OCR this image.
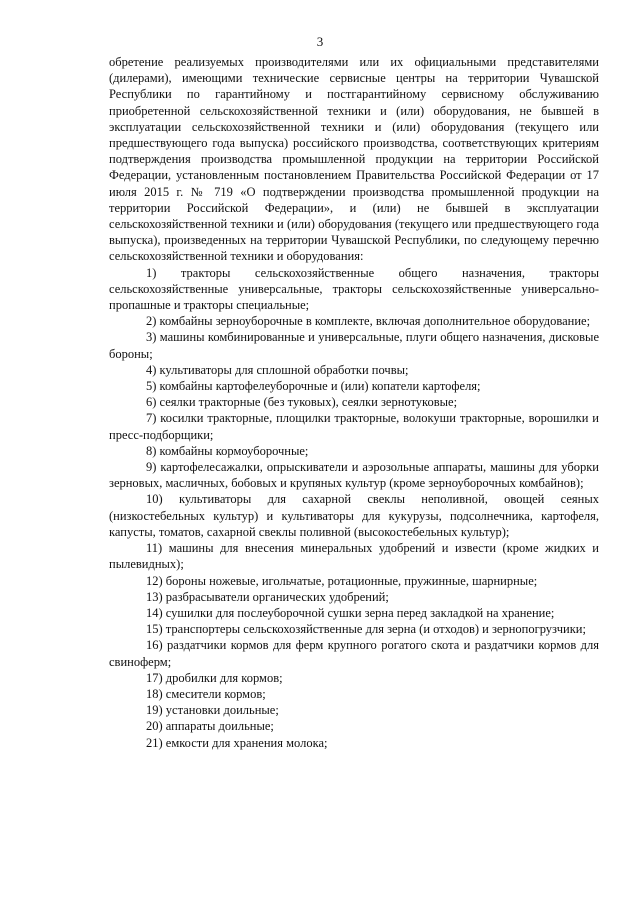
3

обретение реализуемых производителями или их официальными представителями (дилерами), имеющими технические сервисные центры на территории Чувашской Республики по гарантийному и постгарантийному сервисному обслуживанию приобретенной сельскохозяйственной техники и (или) оборудования, не бывшей в эксплуатации сельскохозяйственной техники и (или) оборудования (текущего или предшествующего года выпуска) российского производства, соответствующих критериям подтверждения производства промышленной продукции на территории Российской Федерации, установленным постановлением Правительства Российской Федерации от 17 июля 2015 г. № 719 «О подтверждении производства промышленной продукции на территории Российской Федерации», и (или) не бывшей в эксплуатации сельскохозяйственной техники и (или) оборудования (текущего или предшествующего года выпуска), произведенных на территории Чувашской Республики, по следующему перечню сельскохозяйственной техники и оборудования:

1) тракторы сельскохозяйственные общего назначения, тракторы сельскохозяйственные универсальные, тракторы сельскохозяйственные универсально-пропашные и тракторы специальные;

2) комбайны зерноуборочные в комплекте, включая дополнительное оборудование;

3) машины комбинированные и универсальные, плуги общего назначения, дисковые бороны;

4) культиваторы для сплошной обработки почвы;

5) комбайны картофелеуборочные и (или) копатели картофеля;

6) сеялки тракторные (без туковых), сеялки зернотуковые;

7) косилки тракторные, площилки тракторные, волокуши тракторные, ворошилки и пресс-подборщики;

8) комбайны кормоуборочные;

9) картофелесажалки, опрыскиватели и аэрозольные аппараты, машины для уборки зерновых, масличных, бобовых и крупяных культур (кроме зерноуборочных комбайнов);

10) культиваторы для сахарной свеклы неполивной, овощей сеяных (низкостебельных культур) и культиваторы для кукурузы, подсолнечника, картофеля, капусты, томатов, сахарной свеклы поливной (высокостебельных культур);

11) машины для внесения минеральных удобрений и извести (кроме жидких и пылевидных);

12) бороны ножевые, игольчатые, ротационные, пружинные, шарнирные;

13) разбрасыватели органических удобрений;

14) сушилки для послеуборочной сушки зерна перед закладкой на хранение;

15) транспортеры сельскохозяйственные для зерна (и отходов) и зернопогрузчики;

16) раздатчики кормов для ферм крупного рогатого скота и раздатчики кормов для свиноферм;

17) дробилки для кормов;

18) смесители кормов;

19) установки доильные;

20) аппараты доильные;

21) емкости для хранения молока;
